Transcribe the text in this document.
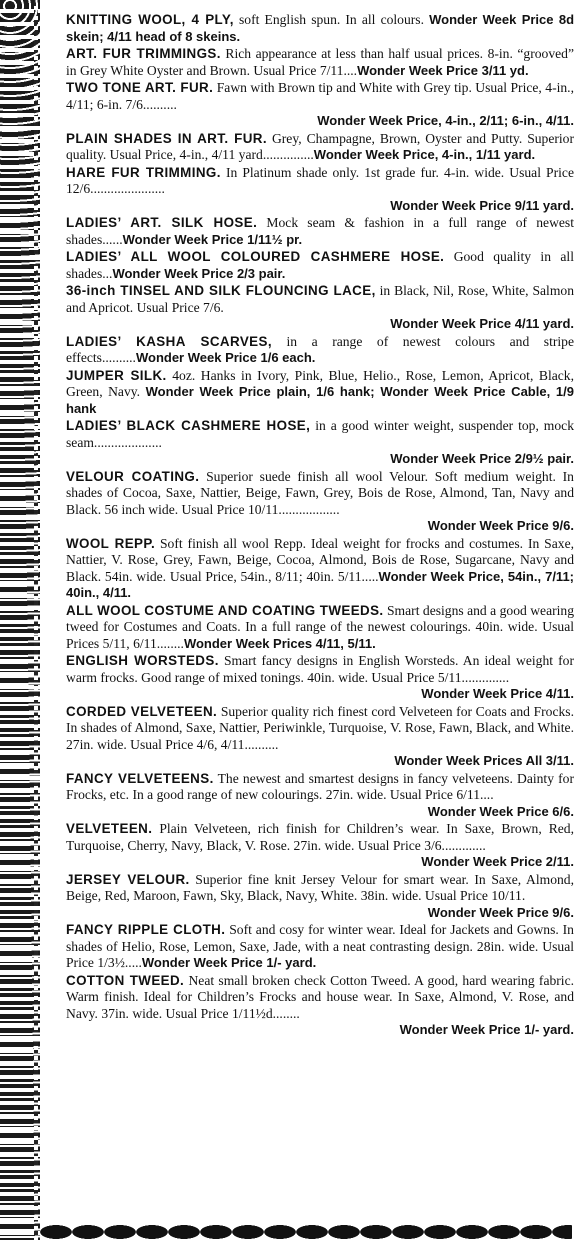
KNITTING WOOL, 4 PLY, soft English spun. In all colours. Wonder Week Price 8d skein; 4/11 head of 8 skeins.

ART. FUR TRIMMINGS. Rich appearance at less than half usual prices. 8-in. “grooved” in Grey White Oyster and Brown. Usual Price 7/11....Wonder Week Price 3/11 yd.

TWO TONE ART. FUR. Fawn with Brown tip and White with Grey tip. Usual Price, 4-in., 4/11; 6-in. 7/6..........
Wonder Week Price, 4-in., 2/11; 6-in., 4/11.

PLAIN SHADES IN ART. FUR. Grey, Champagne, Brown, Oyster and Putty. Superior quality. Usual Price, 4-in., 4/11 yard...............Wonder Week Price, 4-in., 1/11 yard.

HARE FUR TRIMMING. In Platinum shade only. 1st grade fur. 4-in. wide. Usual Price 12/6......................
Wonder Week Price 9/11 yard.

LADIES’ ART. SILK HOSE. Mock seam & fashion in a full range of newest shades......Wonder Week Price 1/11½ pr.

LADIES’ ALL WOOL COLOURED CASHMERE HOSE. Good quality in all shades...Wonder Week Price 2/3 pair.

36-inch TINSEL AND SILK FLOUNCING LACE, in Black, Nil, Rose, White, Salmon and Apricot. Usual Price 7/6.
Wonder Week Price 4/11 yard.

LADIES’ KASHA SCARVES, in a range of newest colours and stripe effects..........Wonder Week Price 1/6 each.

JUMPER SILK. 4oz. Hanks in Ivory, Pink, Blue, Helio., Rose, Lemon, Apricot, Black, Green, Navy. Wonder Week Price plain, 1/6 hank; Wonder Week Price Cable, 1/9 hank

LADIES’ BLACK CASHMERE HOSE, in a good winter weight, suspender top, mock seam....................
Wonder Week Price 2/9½ pair.

VELOUR COATING. Superior suede finish all wool Velour. Soft medium weight. In shades of Cocoa, Saxe, Nattier, Beige, Fawn, Grey, Bois de Rose, Almond, Tan, Navy and Black. 56 inch wide. Usual Price 10/11..................
Wonder Week Price 9/6.

WOOL REPP. Soft finish all wool Repp. Ideal weight for frocks and costumes. In Saxe, Nattier, V. Rose, Grey, Fawn, Beige, Cocoa, Almond, Bois de Rose, Sugarcane, Navy and Black. 54in. wide. Usual Price, 54in., 8/11; 40in. 5/11.....Wonder Week Price, 54in., 7/11; 40in., 4/11.

ALL WOOL COSTUME AND COATING TWEEDS. Smart designs and a good wearing tweed for Costumes and Coats. In a full range of the newest colourings. 40in. wide. Usual Prices 5/11, 6/11........Wonder Week Prices 4/11, 5/11.

ENGLISH WORSTEDS. Smart fancy designs in English Worsteds. An ideal weight for warm frocks. Good range of mixed tonings. 40in. wide. Usual Price 5/11..............
Wonder Week Price 4/11.

CORDED VELVETEEN. Superior quality rich finest cord Velveteen for Coats and Frocks. In shades of Almond, Saxe, Nattier, Periwinkle, Turquoise, V. Rose, Fawn, Black, and White. 27in. wide. Usual Price 4/6, 4/11..........
Wonder Week Prices All 3/11.

FANCY VELVETEENS. The newest and smartest designs in fancy velveteens. Dainty for Frocks, etc. In a good range of new colourings. 27in. wide. Usual Price 6/11....
Wonder Week Price 6/6.

VELVETEEN. Plain Velveteen, rich finish for Children’s wear. In Saxe, Brown, Red, Turquoise, Cherry, Navy, Black, V. Rose. 27in. wide. Usual Price 3/6.............
Wonder Week Price 2/11.

JERSEY VELOUR. Superior fine knit Jersey Velour for smart wear. In Saxe, Almond, Beige, Red, Maroon, Fawn, Sky, Black, Navy, White. 38in. wide. Usual Price 10/11.
Wonder Week Price 9/6.

FANCY RIPPLE CLOTH. Soft and cosy for winter wear. Ideal for Jackets and Gowns. In shades of Helio, Rose, Lemon, Saxe, Jade, with a neat contrasting design. 28in. wide. Usual Price 1/3½.....Wonder Week Price 1/- yard.

COTTON TWEED. Neat small broken check Cotton Tweed. A good, hard wearing fabric. Warm finish. Ideal for Children’s Frocks and house wear. In Saxe, Almond, V. Rose, and Navy. 37in. wide. Usual Price 1/11½d........
Wonder Week Price 1/- yard.
